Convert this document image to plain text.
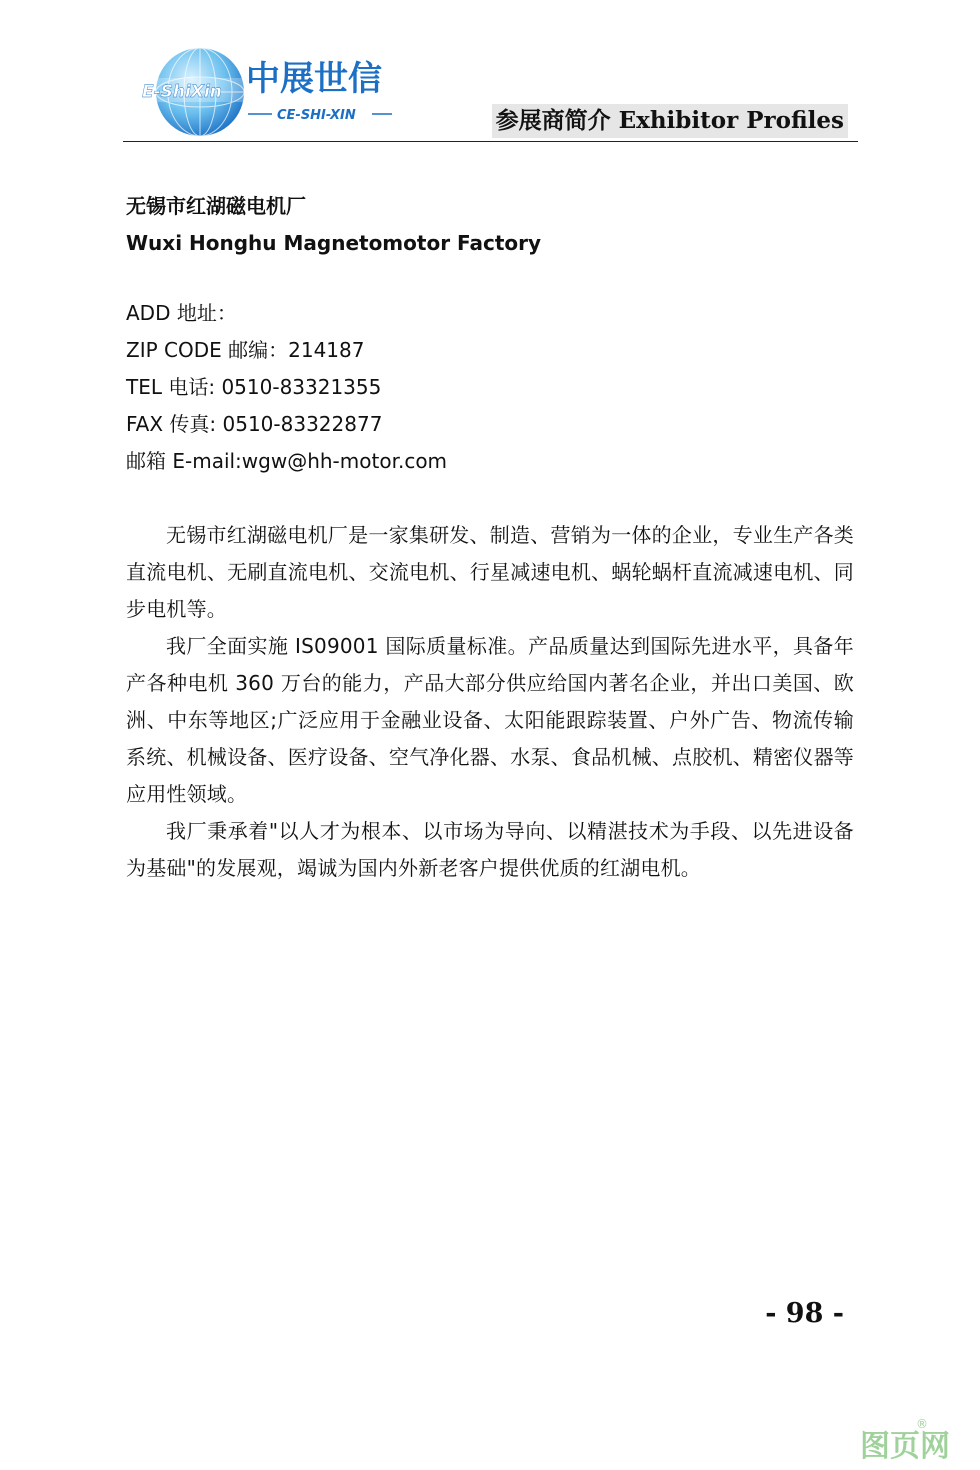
E-ShiXin 中展世信
CE-SHI-XIN	参展商简介 Exhibitor Profiles
无锡市红湖磁电机厂
Wuxi Honghu Magnetomotor Factory
ADD 地址：
ZIP CODE 邮编：214187
TEL 电话: 0510-83321355
FAX 传真: 0510-83322877
邮箱 E-mail:wgw@hh-motor.com

无锡市红湖磁电机厂是一家集研发、制造、营销为一体的企业，专业生产各类直流电机、无刷直流电机、交流电机、行星减速电机、蜗轮蜗杆直流减速电机、同步电机等。

我厂全面实施 IS09001 国际质量标准。产品质量达到国际先进水平，具备年产各种电机 360 万台的能力，产品大部分供应给国内著名企业，并出口美国、欧洲、中东等地区;广泛应用于金融业设备、太阳能跟踪装置、户外广告、物流传输系统、机械设备、医疗设备、空气净化器、水泵、食品机械、点胶机、精密仪器等应用性领域。

我厂秉承着"以人才为根本、以市场为导向、以精湛技术为手段、以先进设备为基础"的发展观，竭诚为国内外新老客户提供优质的红湖电机。

- 98 -
图页网
®
